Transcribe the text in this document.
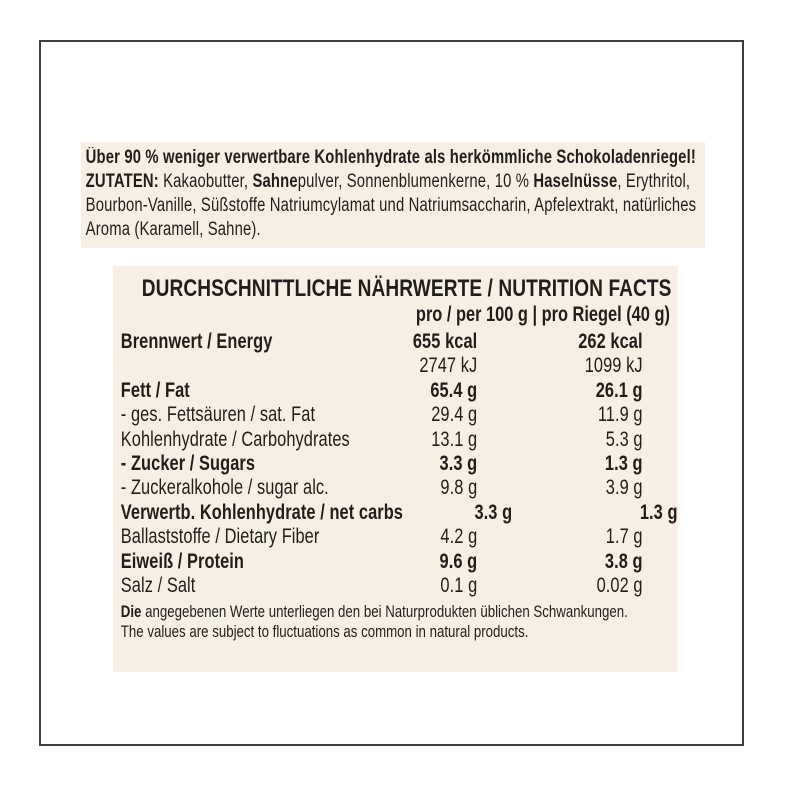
Über 90 % weniger verwertbare Kohlenhydrate als herkömmliche Schokoladenriegel!

ZUTATEN: Kakaobutter, Sahnepulver, Sonnenblumenkerne, 10 % Haselnüsse, Erythritol, Bourbon-Vanille, Süßstoffe Natriumcylamat und Natriumsaccharin, Apfelextrakt, natürliches Aroma (Karamell, Sahne).

DURCHSCHNITTLICHE NÄHRWERTE / NUTRITION FACTS
pro / per 100 g | pro Riegel (40 g)
Brennwert / Energy	655 kcal	262 kcal
2747 kJ	1099 kJ
Fett / Fat	65.4 g	26.1 g
- ges. Fettsäuren / sat. Fat	29.4 g	11.9 g
Kohlenhydrate / Carbohydrates	13.1 g	5.3 g
- Zucker / Sugars	3.3 g	1.3 g
- Zuckeralkohole / sugar alc.	9.8 g	3.9 g
Verwertb. Kohlenhydrate / net carbs	3.3 g	1.3 g
Ballaststoffe / Dietary Fiber	4.2 g	1.7 g
Eiweiß / Protein	9.6 g	3.8 g
Salz / Salt	0.1 g	0.02 g

Die angegebenen Werte unterliegen den bei Naturprodukten üblichen Schwankungen.

The values are subject to fluctuations as common in natural products.
